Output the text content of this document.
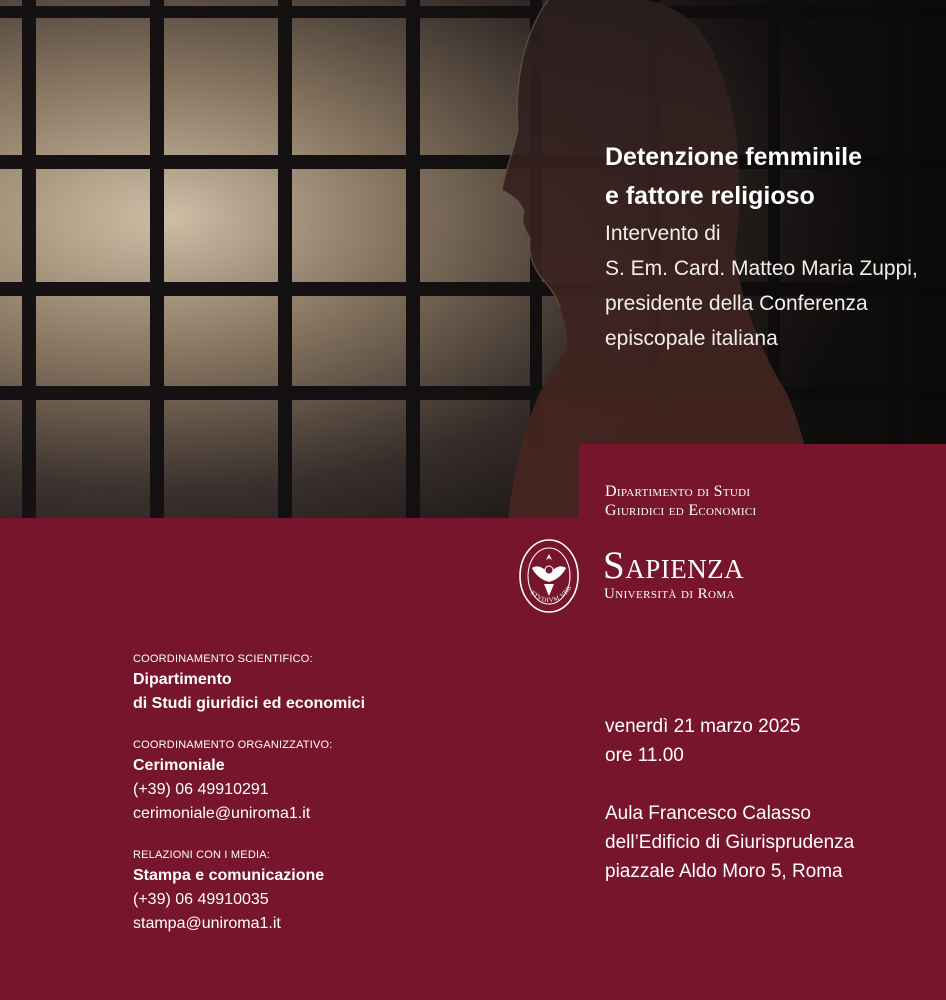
Detenzione femminile

e fattore religioso

Intervento di

S. Em. Card. Matteo Maria Zuppi,

presidente della Conferenza

episcopale italiana

Dipartimento di Studi
Giuridici ed Economici
STVDIVM VRB
Sapienza
Università di Roma

COORDINAMENTO SCIENTIFICO:

Dipartimento

di Studi giuridici ed economici

COORDINAMENTO ORGANIZZATIVO:

Cerimoniale

(+39) 06 49910291

cerimoniale@uniroma1.it

RELAZIONI CON I MEDIA:

Stampa e comunicazione

(+39) 06 49910035

stampa@uniroma1.it

venerdì 21 marzo 2025

ore 11.00

Aula Francesco Calasso

dell’Edificio di Giurisprudenza

piazzale Aldo Moro 5, Roma
